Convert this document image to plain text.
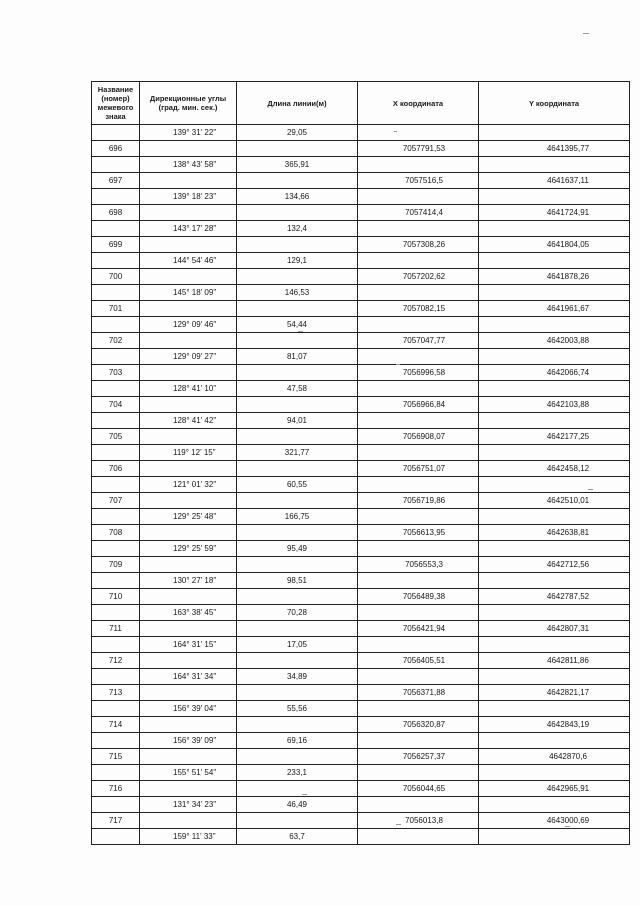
Название (номер) межевого знака	Дирекционные углы (град. мин. сек.)	Длина линии(м)	X координата	Y координата
	139° 31' 22"	29,05		
696			7057791,53	4641395,77
	138° 43' 58"	365,91		
697			7057516,5	4641637,11
	139° 18' 23"	134,66		
698			7057414,4	4641724,91
	143° 17' 28"	132,4		
699			7057308,26	4641804,05
	144° 54' 46"	129,1		
700			7057202,62	4641878,26
	145° 18' 09"	146,53		
701			7057082,15	4641961,67
	129° 09' 46"	54,44		
702			7057047,77	4642003,88
	129° 09' 27"	81,07		
703			7056996,58	4642066,74
	128° 41' 10"	47,58		
704			7056966,84	4642103,88
	128° 41' 42"	94,01		
705			7056908,07	4642177,25
	119° 12' 15"	321,77		
706			7056751,07	4642458,12
	121° 01' 32"	60,55		
707			7056719,86	4642510,01
	129° 25' 48"	166,75		
708			7056613,95	4642638,81
	129° 25' 59"	95,49		
709			7056553,3	4642712,56
	130° 27' 18"	98,51		
710			7056489,38	4642787,52
	163° 38' 45"	70,28		
711			7056421,94	4642807,31
	164° 31' 15"	17,05		
712			7056405,51	4642811,86
	164° 31' 34"	34,89		
713			7056371,88	4642821,17
	156° 39' 04"	55,56		
714			7056320,87	4642843,19
	156° 39' 09"	69,16		
715			7056257,37	4642870,6
	155° 51' 54"	233,1		
716			7056044,65	4642965,91
	131° 34' 23"	46,49		
717			7056013,8	4643000,69
	159° 11' 33"	63,7		
